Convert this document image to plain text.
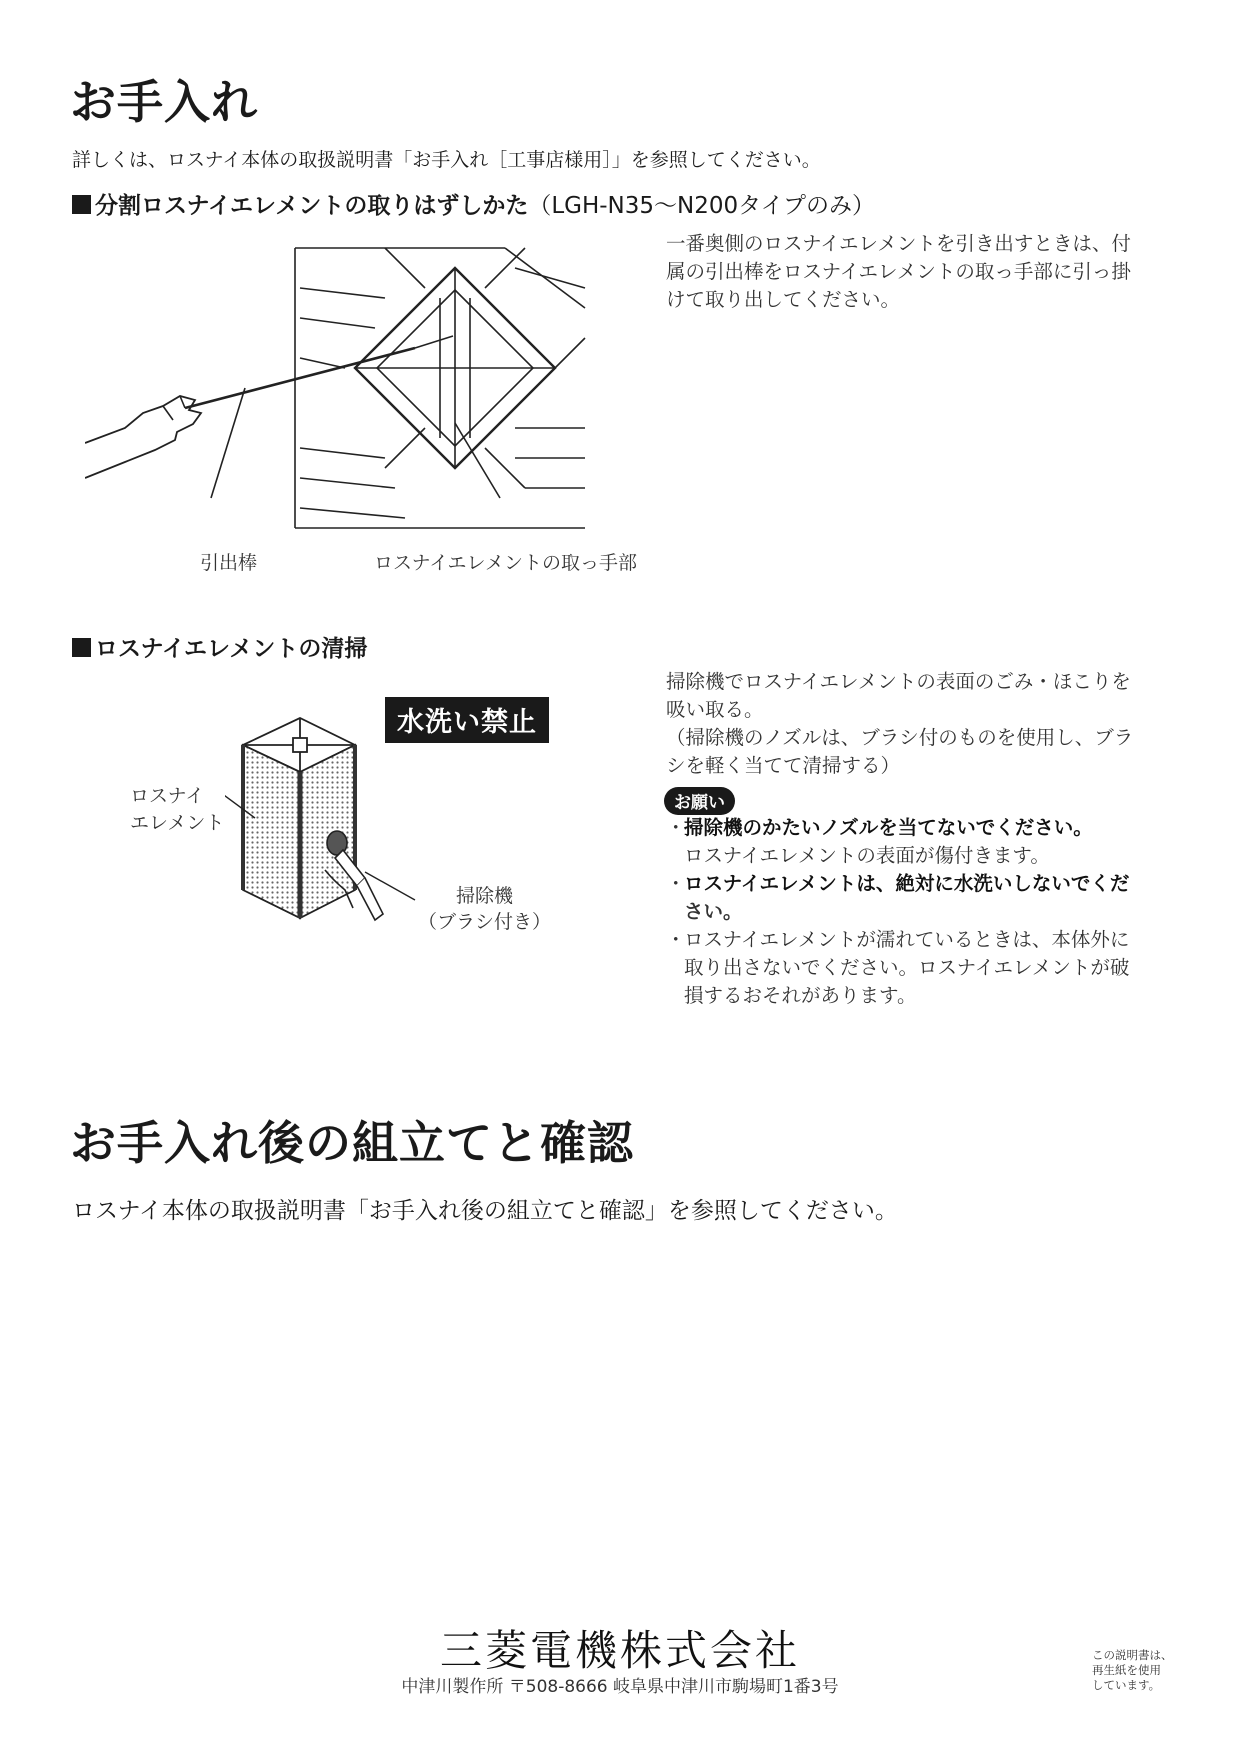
お手入れ
詳しくは、ロスナイ本体の取扱説明書「お手入れ［工事店様用］」を参照してください。
分割ロスナイエレメントの取りはずしかた（LGH-N35〜N200タイプのみ）
引出棒	ロスナイエレメントの取っ手部
一番奥側のロスナイエレメントを引き出すときは、付
属の引出棒をロスナイエレメントの取っ手部に引っ掛
けて取り出してください。
ロスナイエレメントの清掃
水洗い禁止
ロスナイ
エレメント
掃除機
（ブラシ付き）
掃除機でロスナイエレメントの表面のごみ・ほこりを
吸い取る。
（掃除機のノズルは、ブラシ付のものを使用し、ブラ
シを軽く当てて清掃する）
お願い
・
掃除機のかたいノズルを当てないでください。
ロスナイエレメントの表面が傷付きます。
・
ロスナイエレメントは、絶対に水洗いしないでくだ
さい。
・
ロスナイエレメントが濡れているときは、本体外に
取り出さないでください。ロスナイエレメントが破
損するおそれがあります。
お手入れ後の組立てと確認
ロスナイ本体の取扱説明書「お手入れ後の組立てと確認」を参照してください。
三菱電機株式会社
中津川製作所 〒508-8666 岐阜県中津川市駒場町1番3号
この説明書は、
再生紙を使用
しています。
